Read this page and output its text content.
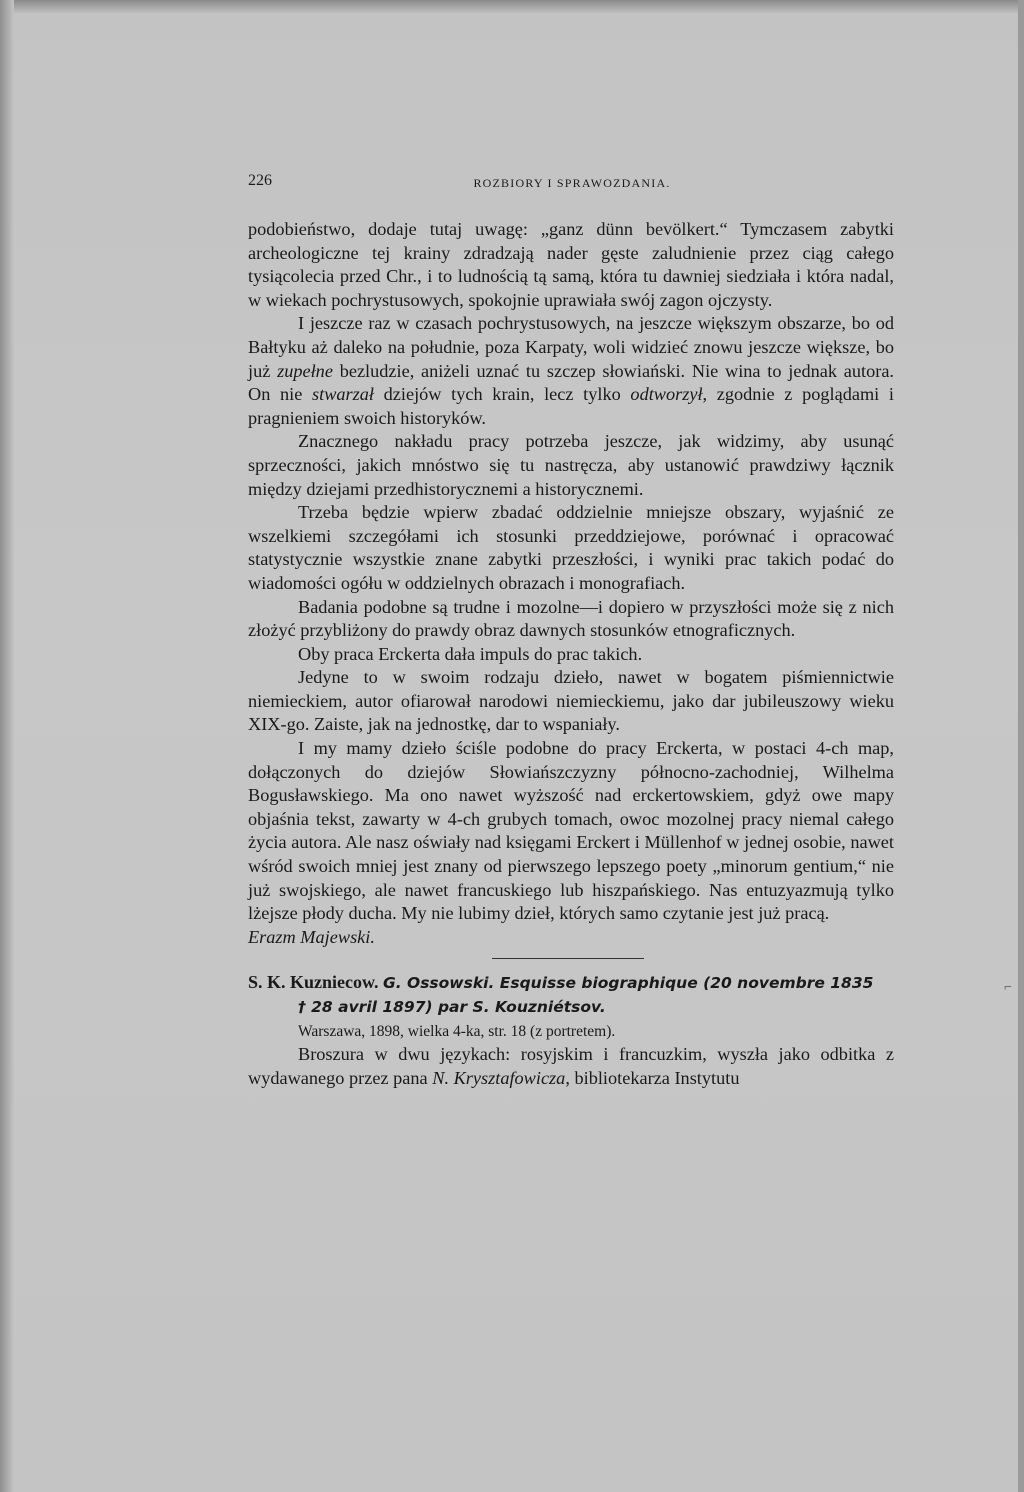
226	ROZBIORY I SPRAWOZDANIA.

podobieństwo, dodaje tutaj uwagę: „ganz dünn bevölkert.“ Tymczasem zabytki archeologiczne tej krainy zdradzają nader gęste zaludnienie przez ciąg całego tysiącolecia przed Chr., i to ludnością tą samą, która tu dawniej siedziała i która nadal, w wiekach pochrystusowych, spokojnie uprawiała swój zagon ojczysty.

I jeszcze raz w czasach pochrystusowych, na jeszcze większym obszarze, bo od Bałtyku aż daleko na południe, poza Karpaty, woli widzieć znowu jeszcze większe, bo już zupełne bezludzie, aniżeli uznać tu szczep słowiański. Nie wina to jednak autora. On nie stwarzał dziejów tych krain, lecz tylko odtworzył, zgodnie z poglądami i pragnieniem swoich historyków.

Znacznego nakładu pracy potrzeba jeszcze, jak widzimy, aby usunąć sprzeczności, jakich mnóstwo się tu nastręcza, aby ustanowić prawdziwy łącznik między dziejami przedhistorycznemi a historycznemi.

Trzeba będzie wpierw zbadać oddzielnie mniejsze obszary, wyjaśnić ze wszelkiemi szczegółami ich stosunki przeddziejowe, porównać i opracować statystycznie wszystkie znane zabytki przeszłości, i wyniki prac takich podać do wiadomości ogółu w oddzielnych obrazach i monografiach.

Badania podobne są trudne i mozolne—i dopiero w przyszłości może się z nich złożyć przybliżony do prawdy obraz dawnych stosunków etnograficznych.

Oby praca Erckerta dała impuls do prac takich.

Jedyne to w swoim rodzaju dzieło, nawet w bogatem piśmiennictwie niemieckiem, autor ofiarował narodowi niemieckiemu, jako dar jubileuszowy wieku XIX-go. Zaiste, jak na jednostkę, dar to wspaniały.

I my mamy dzieło ściśle podobne do pracy Erckerta, w postaci 4-ch map, dołączonych do dziejów Słowiańszczyzny północno-zachodniej, Wilhelma Bogusławskiego. Ma ono nawet wyższość nad erckertowskiem, gdyż owe mapy objaśnia tekst, zawarty w 4-ch grubych tomach, owoc mozolnej pracy niemal całego życia autora. Ale nasz oświały nad księgami Erckert i Müllenhof w jednej osobie, nawet wśród swoich mniej jest znany od pierwszego lepszego poety „minorum gentium,“ nie już swojskiego, ale nawet francuskiego lub hiszpańskiego. Nas entuzyazmują tylko lżejsze płody ducha. My nie lubimy dzieł, których samo czytanie jest już pracą.

Erazm Majewski.

S. K. Kuzniecow. G. Ossowski. Esquisse biographique (20 novembre 1835

† 28 avril 1897) par S. Kouzniétsov.

Warszawa, 1898, wielka 4-ka, str. 18 (z portretem).

Broszura w dwu językach: rosyjskim i francuzkim, wyszła jako odbitka z wydawanego przez pana N. Krysztafowicza, bibliotekarza Instytutu

⌐
